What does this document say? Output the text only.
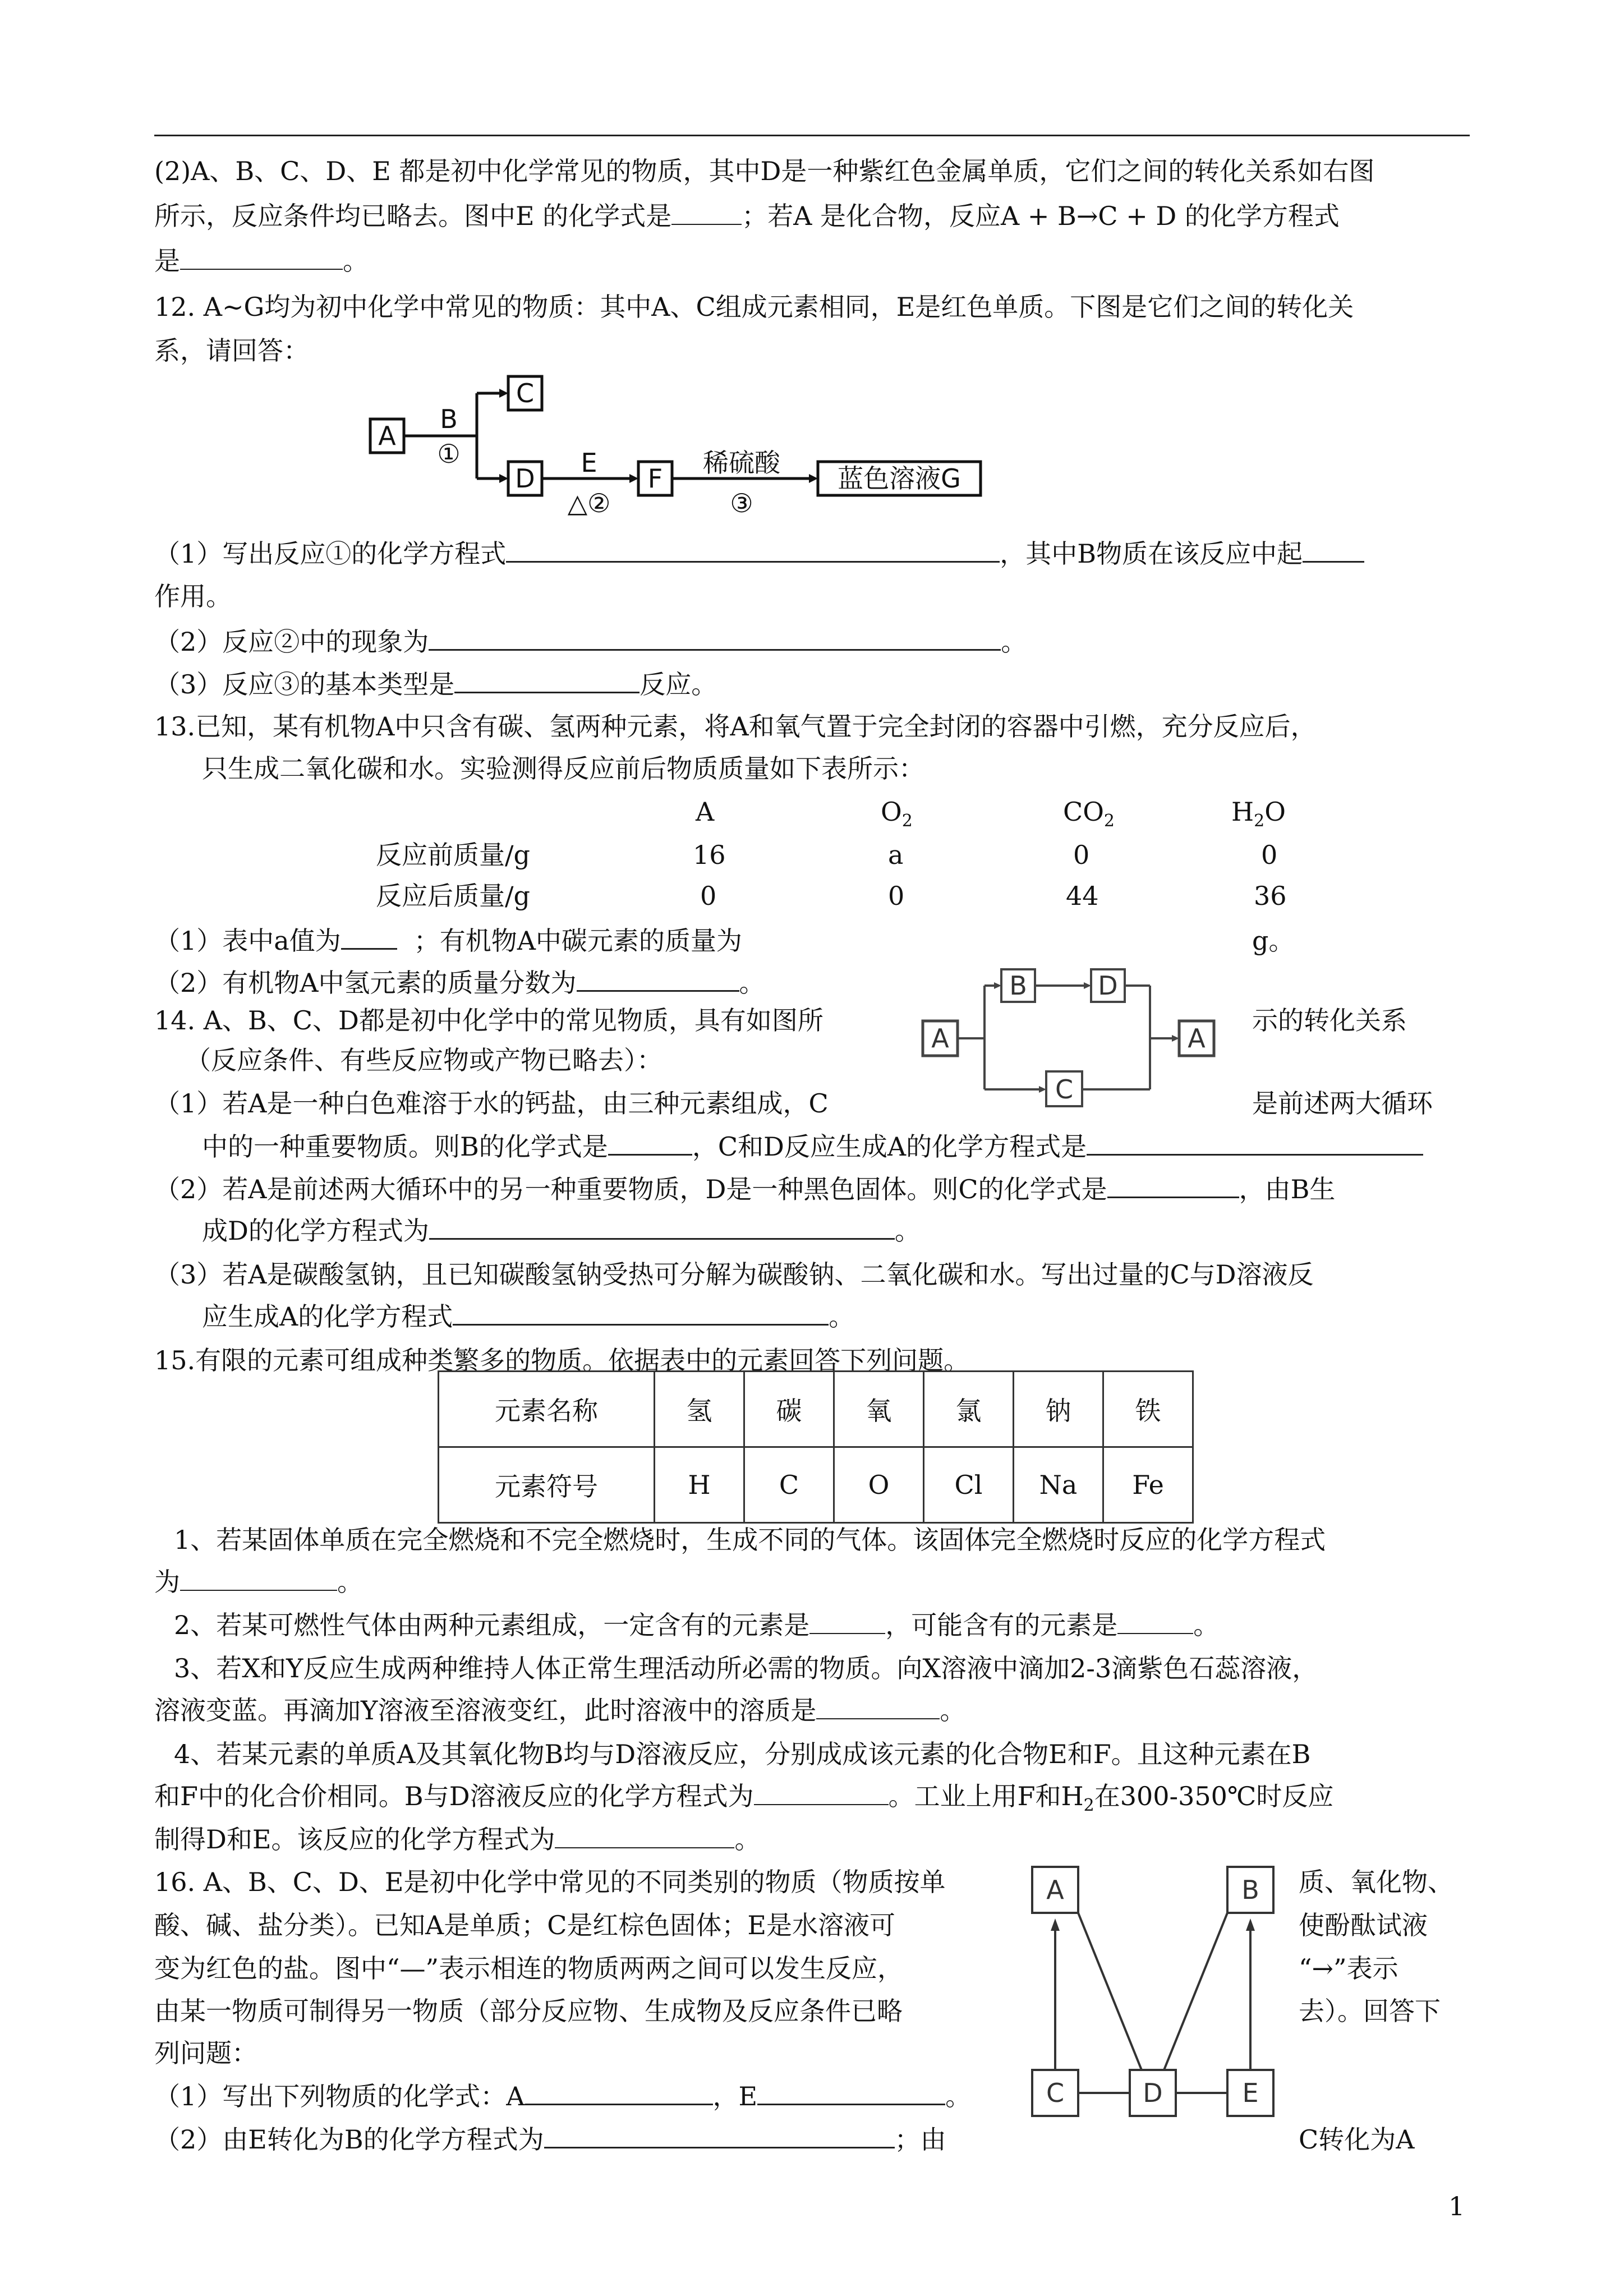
(2)A、B、C、D、E 都是初中化学常见的物质，其中D是一种紫红色金属单质，它们之间的转化关系如右图
所示，反应条件均已略去。图中E 的化学式是	；若A 是化合物，反应A + B→C + D 的化学方程式
是	。
12. A~G均为初中化学中常见的物质：其中A、C组成元素相同，E是红色单质。下图是它们之间的转化关
系，请回答：
A
C
D	F	蓝色溶液G
B
①	E
△②
稀硫酸
③
（1）写出反应①的化学方程式	，其中B物质在该反应中起
作用。
（2）反应②中的现象为	。
（3）反应③的基本类型是	反应。
13.已知，某有机物A中只含有碳、氢两种元素，将A和氧气置于完全封闭的容器中引燃，充分反应后，
只生成二氧化碳和水。实验测得反应前后物质质量如下表所示：
A	$O_2$	$CO_2$	$H_2O$
反应前质量/g	16	a	0	0
反应后质量/g	0	0	44	36
（1）表中a值为	；有机物A中碳元素的质量为	g。
（2）有机物A中氢元素的质量分数为	。
14. A、B、C、D都是初中化学中的常见物质，具有如图所	示的转化关系
（反应条件、有些反应物或产物已略去）：
A
B	D
A
C
（1）若A是一种白色难溶于水的钙盐，由三种元素组成，C	是前述两大循环
中的一种重要物质。则B的化学式是	，C和D反应生成A的化学方程式是
（2）若A是前述两大循环中的另一种重要物质，D是一种黑色固体。则C的化学式是	，由B生
成D的化学方程式为	。
（3）若A是碳酸氢钠，且已知碳酸氢钠受热可分解为碳酸钠、二氧化碳和水。写出过量的C与D溶液反
应生成A的化学方程式	。
15.有限的元素可组成种类繁多的物质。依据表中的元素回答下列问题。
元素名称	氢	碳	氧	氯	钠	铁
元素符号	H	C	O	Cl	Na	Fe
1、若某固体单质在完全燃烧和不完全燃烧时，生成不同的气体。该固体完全燃烧时反应的化学方程式
为	。
2、若某可燃性气体由两种元素组成，一定含有的元素是	，可能含有的元素是	。
3、若X和Y反应生成两种维持人体正常生理活动所必需的物质。向X溶液中滴加2-3滴紫色石蕊溶液，
溶液变蓝。再滴加Y溶液至溶液变红，此时溶液中的溶质是	。
4、若某元素的单质A及其氧化物B均与D溶液反应，分别成成该元素的化合物E和F。且这种元素在B
和F中的化合价相同。B与D溶液反应的化学方程式为	。工业上用F和$H_2$在300-350℃时反应
制得D和E。该反应的化学方程式为	。
16. A、B、C、D、E是初中化学中常见的不同类别的物质（物质按单	质、氧化物、
酸、碱、盐分类）。已知A是单质；C是红棕色固体；E是水溶液可	使酚酞试液
变为红色的盐。图中“—”表示相连的物质两两之间可以发生反应，	“→”表示
由某一物质可制得另一物质（部分反应物、生成物及反应条件已略	去）。回答下
列问题：
A	B
C	D	E
（1）写出下列物质的化学式：A	，E	。
（2）由E转化为B的化学方程式为	；由	C转化为A
1
